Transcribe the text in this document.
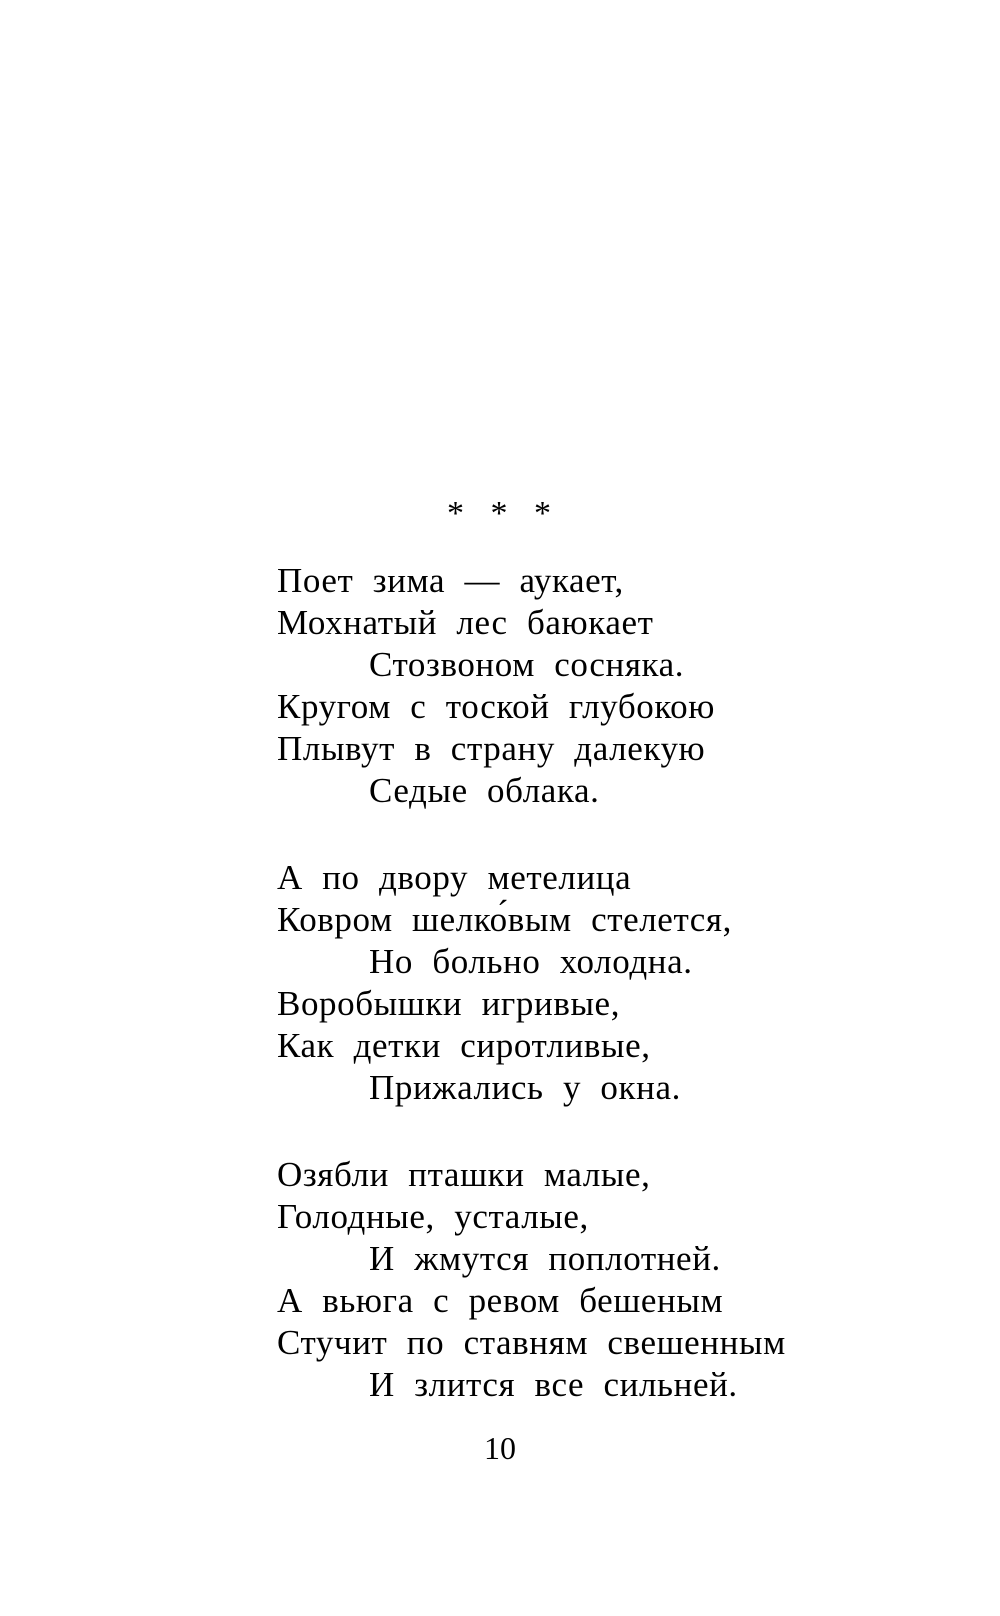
* * *
Поет зима — аукает,
Мохнатый лес баюкает
Стозвоном сосняка.
Кругом с тоской глубокою
Плывут в страну далекую
Седые облака.
А по двору метелица
Ковром шелко́вым стелется,
Но больно холодна.
Воробышки игривые,
Как детки сиротливые,
Прижались у окна.
Озябли пташки малые,
Голодные, усталые,
И жмутся поплотней.
А вьюга с ревом бешеным
Стучит по ставням свешенным
И злится все сильней.
10
